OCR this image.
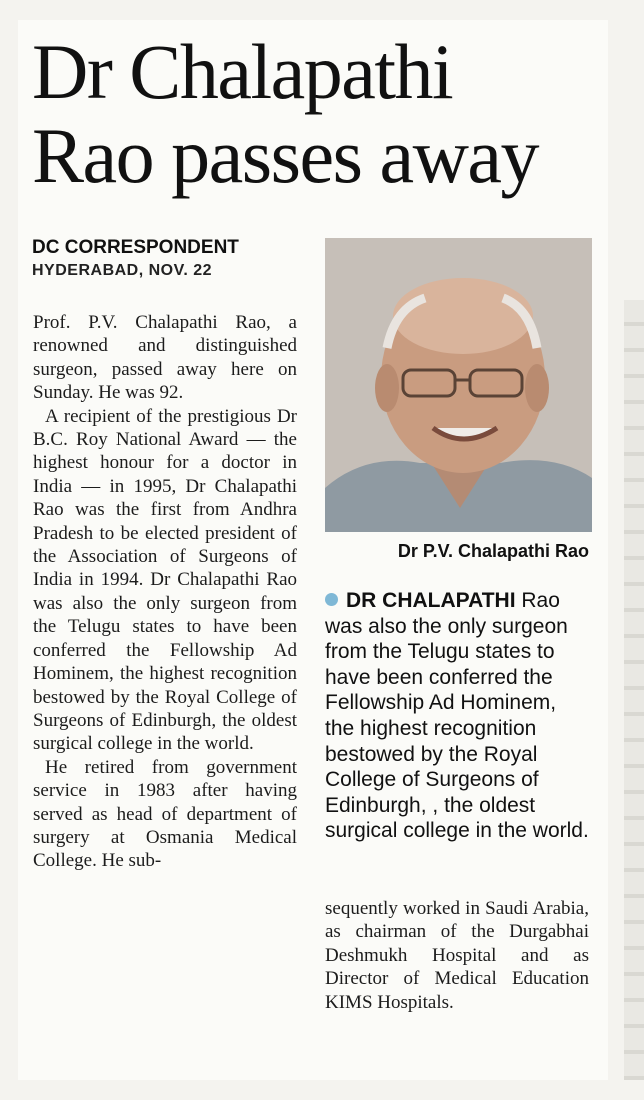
Dr Chalapathi
Rao passes away
DC CORRESPONDENT
HYDERABAD, NOV. 22

Prof. P.V. Chalapathi Rao, a renowned and distinguished surgeon, passed away here on Sunday. He was 92.

A recipient of the prestigious Dr B.C. Roy National Award — the highest honour for a doctor in India — in 1995, Dr Chalapathi Rao was the first from Andhra Pradesh to be elected president of the Association of Surgeons of India in 1994. Dr Chalapathi Rao was also the only surgeon from the Telugu states to have been conferred the Fellowship Ad Hominem, the highest recognition bestowed by the Royal College of Surgeons of Edinburgh, the oldest surgical college in the world.

He retired from government service in 1983 after having served as head of department of surgery at Osmania Medical College. He sub-

Dr P.V. Chalapathi Rao
DR CHALAPATHI Rao was also the only surgeon from the Telugu states to have been conferred the Fellowship Ad Hominem, the highest recognition bestowed by the Royal College of Surgeons of Edinburgh, , the oldest surgical college in the world.

sequently worked in Saudi Arabia, as chairman of the Durgabhai Deshmukh Hospital and as Director of Medical Education KIMS Hospitals.
